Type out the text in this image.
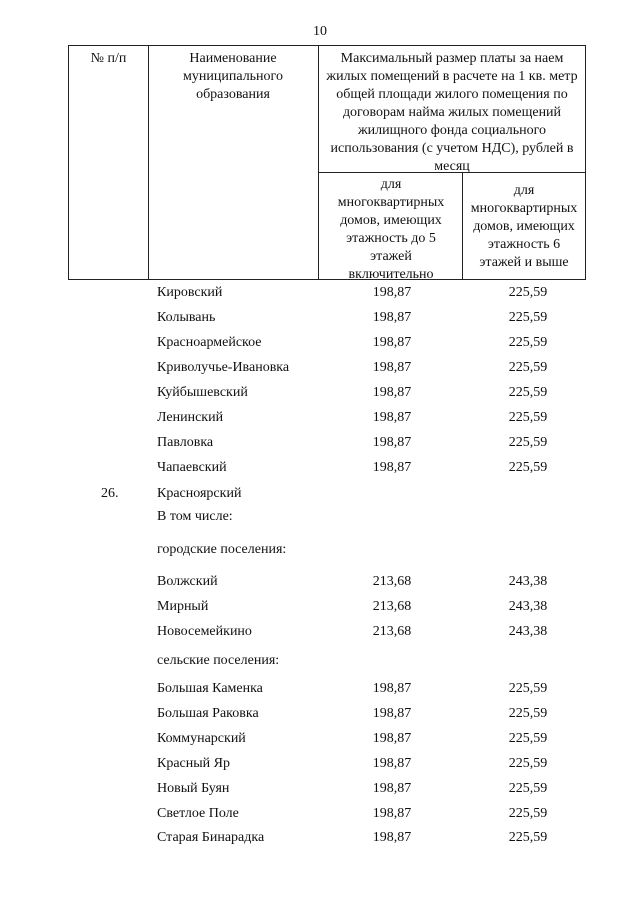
10
№ п/п	Наименование муниципального образования
Максимальный размер платы за наем жилых помещений в расчете на 1 кв. метр общей площади жилого помещения по договорам найма жилых помещений жилищного фонда социального использования (с учетом НДС), рублей в месяц
для многоквартирных домов, имеющих этажность до 5 этажей включительно
для многоквартирных домов, имеющих этажность 6 этажей и выше
Кировский	198,87	225,59
Колывань	198,87	225,59
Красноармейское	198,87	225,59
Криволучье-Ивановка	198,87	225,59
Куйбышевский	198,87	225,59
Ленинский	198,87	225,59
Павловка	198,87	225,59
Чапаевский	198,87	225,59
26.	Красноярский
В том числе:
городские поселения:
Волжский	213,68	243,38
Мирный	213,68	243,38
Новосемейкино	213,68	243,38
сельские поселения:
Большая Каменка	198,87	225,59
Большая Раковка	198,87	225,59
Коммунарский	198,87	225,59
Красный Яр	198,87	225,59
Новый Буян	198,87	225,59
Светлое Поле	198,87	225,59
Старая Бинарадка	198,87	225,59
